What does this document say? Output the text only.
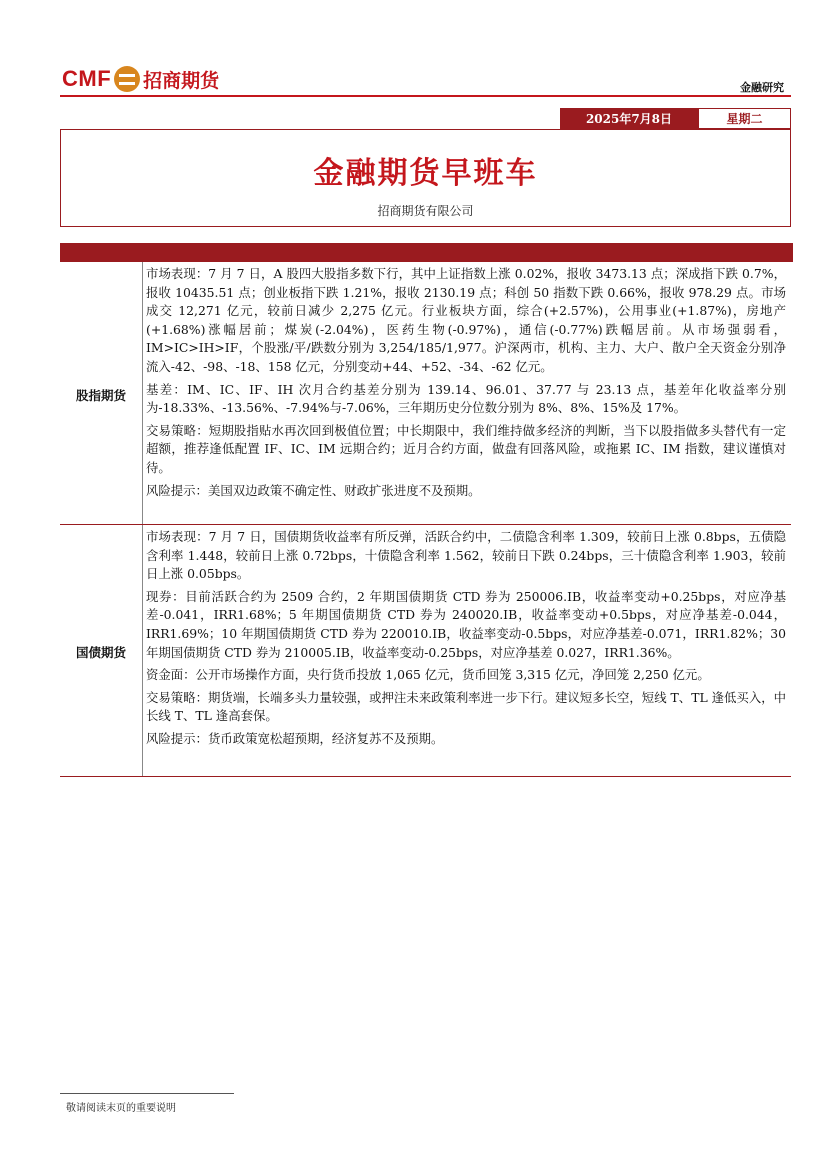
CMF 招商期货	金融研究
2025年7月8日	星期二
金融期货早班车
招商期货有限公司
股指期货

市场表现：7 月 7 日，A 股四大股指多数下行，其中上证指数上涨 0.02%，报收 3473.13 点；深成指下跌 0.7%，报收 10435.51 点；创业板指下跌 1.21%，报收 2130.19 点；科创 50 指数下跌 0.66%，报收 978.29 点。市场成交 12,271 亿元，较前日减少 2,275 亿元。行业板块方面，综合(+2.57%)，公用事业(+1.87%)，房地产(+1.68%)涨幅居前；煤炭(-2.04%)，医药生物(-0.97%)，通信(-0.77%)跌幅居前。从市场强弱看，IM>IC>IH>IF，个股涨/平/跌数分别为 3,254/185/1,977。沪深两市，机构、主力、大户、散户全天资金分别净流入-42、-98、-18、158 亿元，分别变动+44、+52、-34、-62 亿元。

基差：IM、IC、IF、IH 次月合约基差分别为 139.14、96.01、37.77 与 23.13 点，基差年化收益率分别为-18.33%、-13.56%、-7.94%与-7.06%，三年期历史分位数分别为 8%、8%、15%及 17%。

交易策略：短期股指贴水再次回到极值位置；中长期限中，我们维持做多经济的判断，当下以股指做多头替代有一定超额，推荐逢低配置 IF、IC、IM 远期合约；近月合约方面，做盘有回落风险，或拖累 IC、IM 指数，建议谨慎对待。

风险提示：美国双边政策不确定性、财政扩张进度不及预期。

国债期货

市场表现：7 月 7 日，国债期货收益率有所反弹，活跃合约中，二债隐含利率 1.309，较前日上涨 0.8bps，五债隐含利率 1.448，较前日上涨 0.72bps，十债隐含利率 1.562，较前日下跌 0.24bps，三十债隐含利率 1.903，较前日上涨 0.05bps。

现券：目前活跃合约为 2509 合约，2 年期国债期货 CTD 券为 250006.IB，收益率变动+0.25bps，对应净基差-0.041，IRR1.68%；5 年期国债期货 CTD 券为 240020.IB，收益率变动+0.5bps，对应净基差-0.044，IRR1.69%；10 年期国债期货 CTD 券为 220010.IB，收益率变动-0.5bps，对应净基差-0.071，IRR1.82%；30 年期国债期货 CTD 券为 210005.IB，收益率变动-0.25bps，对应净基差 0.027，IRR1.36%。

资金面：公开市场操作方面，央行货币投放 1,065 亿元，货币回笼 3,315 亿元，净回笼 2,250 亿元。

交易策略：期货端，长端多头力量较强，或押注未来政策利率进一步下行。建议短多长空，短线 T、TL 逢低买入，中长线 T、TL 逢高套保。

风险提示：货币政策宽松超预期，经济复苏不及预期。

敬请阅读末页的重要说明
